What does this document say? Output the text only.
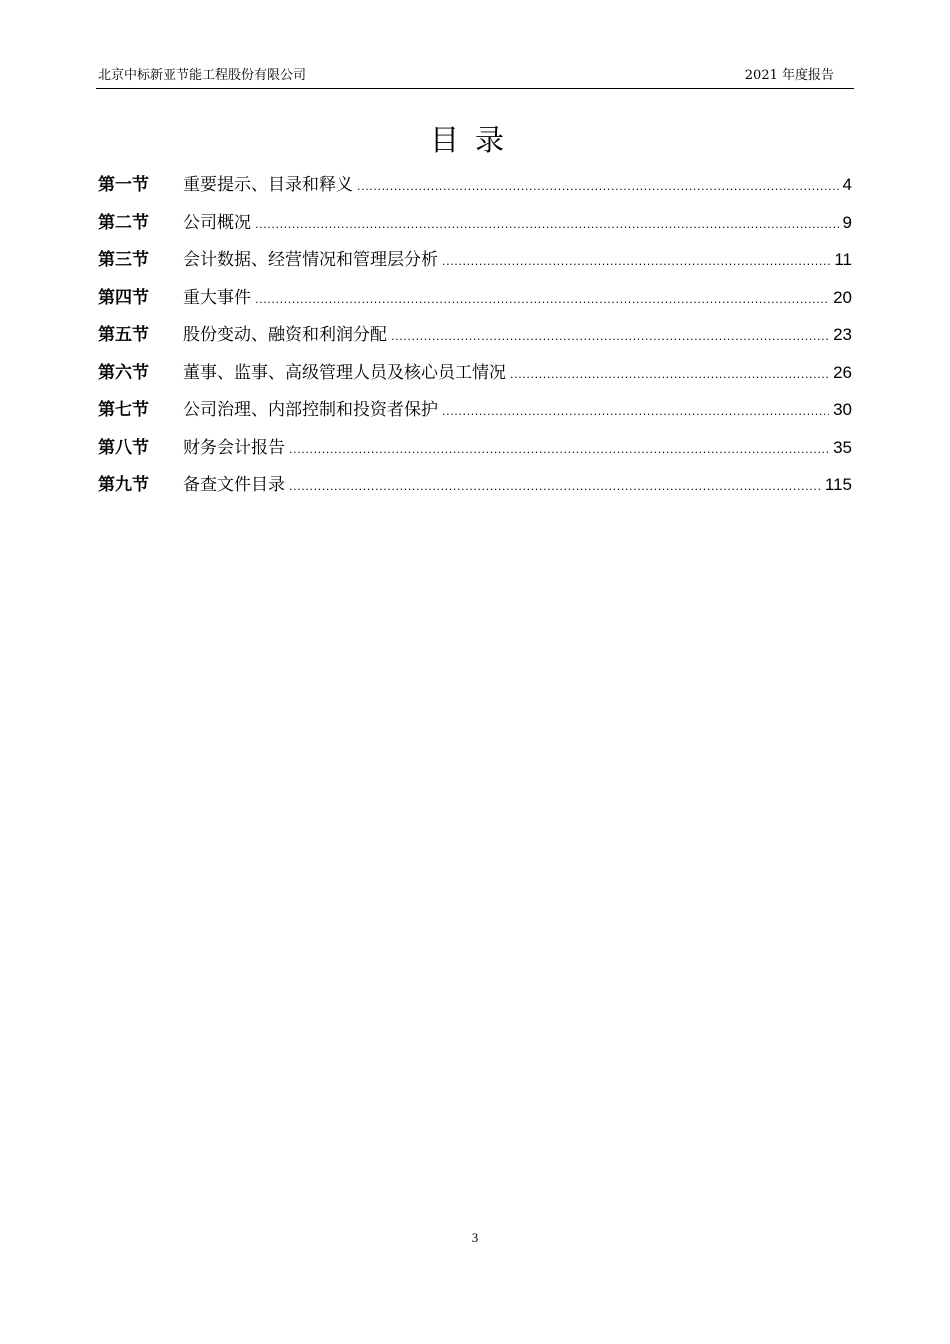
北京中标新亚节能工程股份有限公司	2021 年度报告
目录
第一节	重要提示、目录和释义 .....	4
第二节	公司概况 .....	9
第三节	会计数据、经营情况和管理层分析 .....	11
第四节	重大事件 .....	20
第五节	股份变动、融资和利润分配 .....	23
第六节	董事、监事、高级管理人员及核心员工情况 .....	26
第七节	公司治理、内部控制和投资者保护 .....	30
第八节	财务会计报告 .....	35
第九节	备查文件目录 .....	115
3
